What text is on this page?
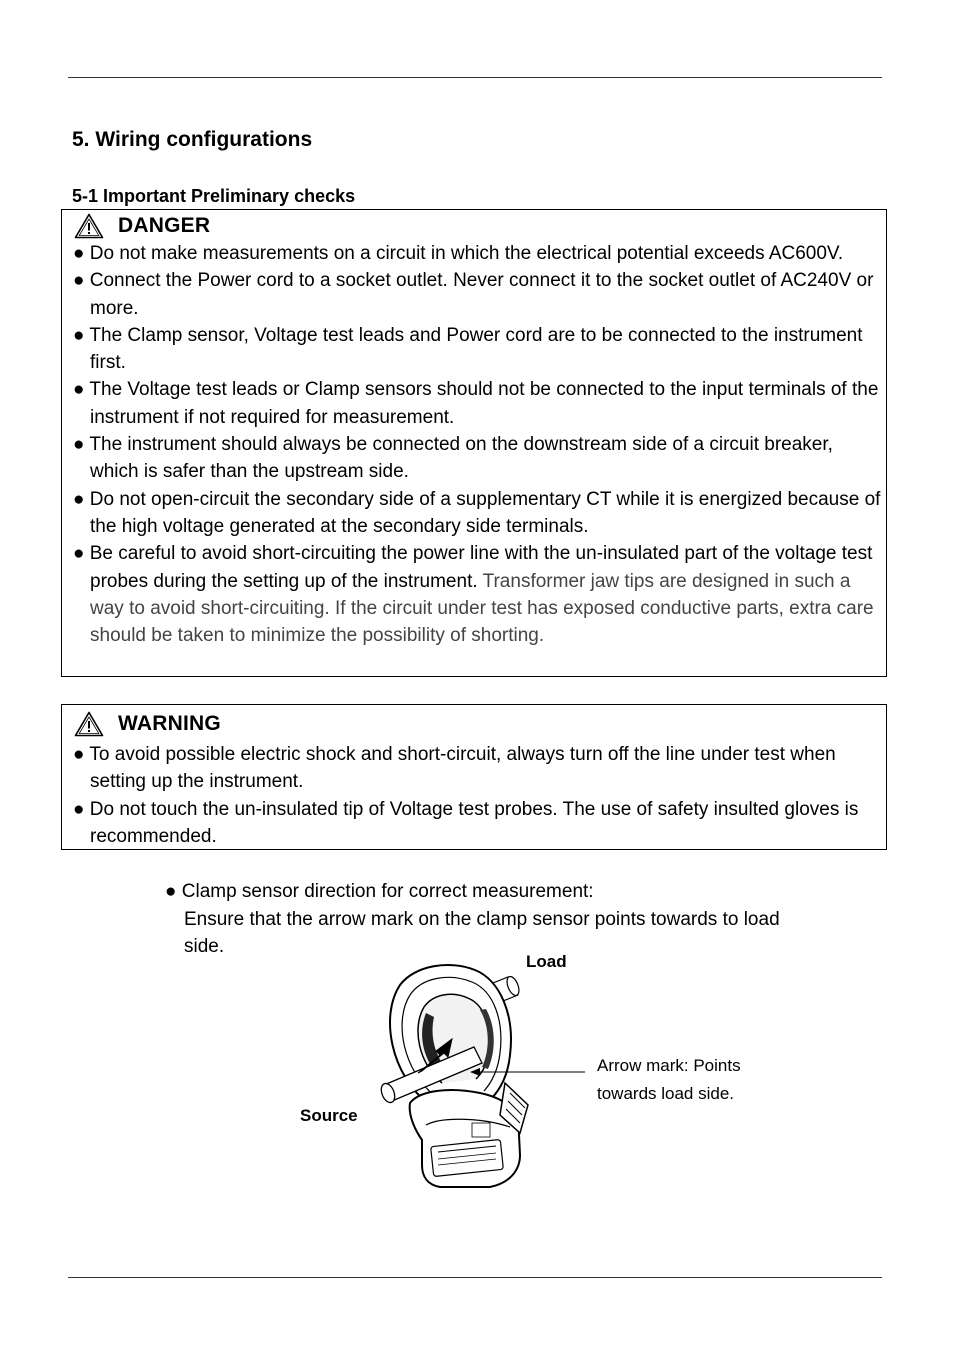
5. Wiring configurations
5-1 Important Preliminary checks
DANGER
● Do not make measurements on a circuit in which the electrical potential exceeds AC600V.
● Connect the Power cord to a socket outlet. Never connect it to the socket outlet of AC240V or more.
● The Clamp sensor, Voltage test leads and Power cord are to be connected to the instrument first.
● The Voltage test leads or Clamp sensors should not be connected to the input terminals of the instrument if not required for measurement.
● The instrument should always be connected on the downstream side of a circuit breaker, which is safer than the upstream side.
● Do not open-circuit the secondary side of a supplementary CT while it is energized because of the high voltage generated at the secondary side terminals.
● Be careful to avoid short-circuiting the power line with the un-insulated part of the voltage test probes during the setting up of the instrument. Transformer jaw tips are designed in such a way to avoid short-circuiting. If the circuit under test has exposed conductive parts, extra care should be taken to minimize the possibility of shorting.
WARNING
● To avoid possible electric shock and short-circuit, always turn off the line under test when setting up the instrument.
● Do not touch the un-insulated tip of Voltage test probes. The use of safety insulted gloves is recommended.
● Clamp sensor direction for correct measurement:
Ensure that the arrow mark on the clamp sensor points towards to load side.
Load
Source
Arrow mark: Points
towards load side.
